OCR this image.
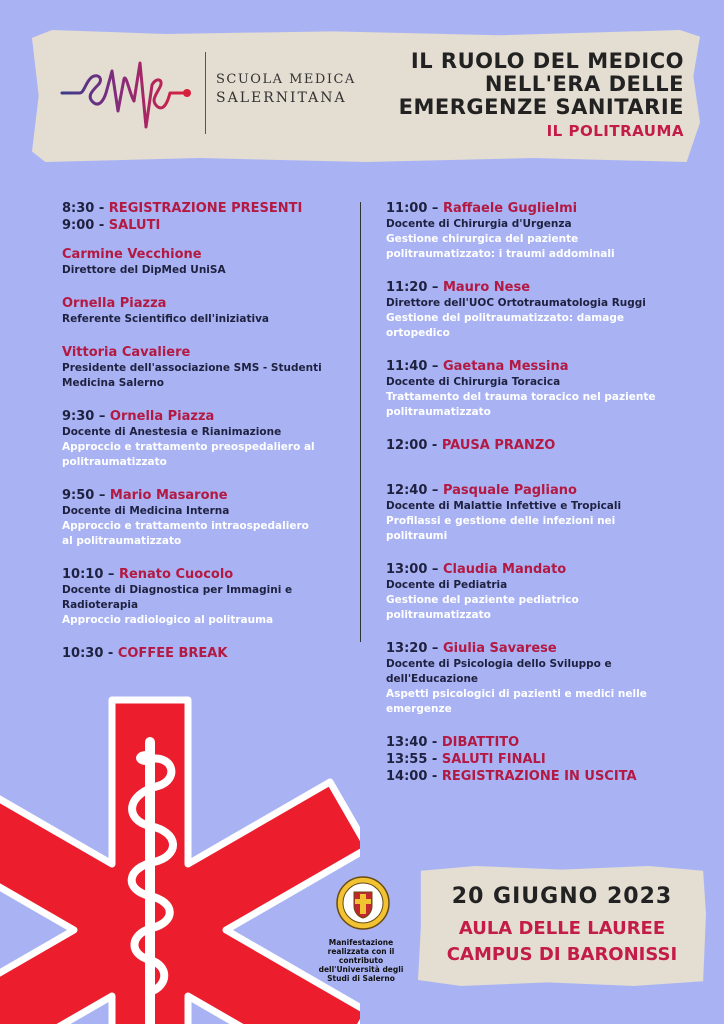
SCUOLA MEDICA
SALERNITANA
IL RUOLO DEL MEDICO
NELL'ERA DELLE
EMERGENZE SANITARIE
IL POLITRAUMA
8:30 - REGISTRAZIONE PRESENTI
9:00 - SALUTI
Carmine Vecchione
Direttore del DipMed UniSA
Ornella Piazza
Referente Scientifico dell'iniziativa
Vittoria Cavaliere
Presidente dell'associazione SMS - Studenti Medicina Salerno
9:30 – Ornella Piazza
Docente di Anestesia e Rianimazione
Approccio e trattamento preospedaliero al politraumatizzato
9:50 – Mario Masarone
Docente di Medicina Interna
Approccio e trattamento intraospedaliero al politraumatizzato
10:10 – Renato Cuocolo
Docente di Diagnostica per Immagini e Radioterapia
Approccio radiologico al politrauma
10:30 - COFFEE BREAK
11:00 – Raffaele Guglielmi
Docente di Chirurgia d'Urgenza
Gestione chirurgica del paziente politraumatizzato: i traumi addominali
11:20 – Mauro Nese
Direttore dell'UOC Ortotraumatologia Ruggi
Gestione del politraumatizzato: damage ortopedico
11:40 – Gaetana Messina
Docente di Chirurgia Toracica
Trattamento del trauma toracico nel paziente politraumatizzato
12:00 - PAUSA PRANZO
12:40 – Pasquale Pagliano
Docente di Malattie Infettive e Tropicali
Profilassi e gestione delle infezioni nei politraumi
13:00 – Claudia Mandato
Docente di Pediatria
Gestione del paziente pediatrico politraumatizzato
13:20 – Giulia Savarese
Docente di Psicologia dello Sviluppo e dell'Educazione
Aspetti psicologici di pazienti e medici nelle emergenze
13:40 - DIBATTITO
13:55 - SALUTI FINALI
14:00 - REGISTRAZIONE IN USCITA
Manifestazione realizzata con il contributo dell'Università degli Studi di Salerno
20 GIUGNO 2023
AULA DELLE LAUREE
CAMPUS DI BARONISSI
